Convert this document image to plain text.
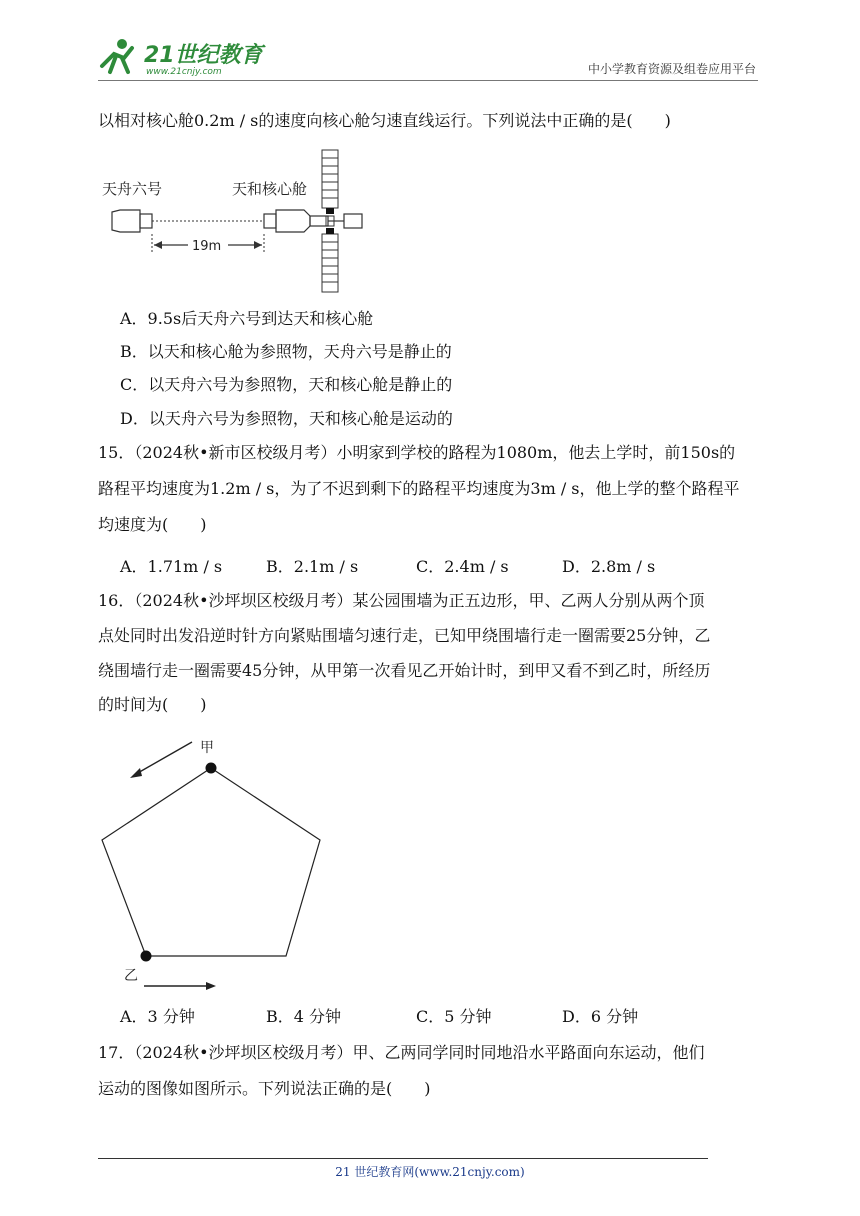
21世纪教育
www.21cnjy.com	中小学教育资源及组卷应用平台
以相对核心舱0.2m / s的速度向核心舱匀速直线运行。下列说法中正确的是(　　)
天舟六号	天和核心舱
19m
A．9.5s后天舟六号到达天和核心舱
B．以天和核心舱为参照物，天舟六号是静止的
C．以天舟六号为参照物，天和核心舱是静止的
D．以天舟六号为参照物，天和核心舱是运动的
15．（2024秋•新市区校级月考）小明家到学校的路程为1080m，他去上学时，前150s的
路程平均速度为1.2m / s，为了不迟到剩下的路程平均速度为3m / s，他上学的整个路程平
均速度为(　　)
A．1.71m / s	B．2.1m / s	C．2.4m / s	D．2.8m / s
16．（2024秋•沙坪坝区校级月考）某公园围墙为正五边形，甲、乙两人分别从两个顶
点处同时出发沿逆时针方向紧贴围墙匀速行走，已知甲绕围墙行走一圈需要25分钟，乙
绕围墙行走一圈需要45分钟，从甲第一次看见乙开始计时，到甲又看不到乙时，所经历
的时间为(　　)
甲
乙
A．3 分钟	B．4 分钟	C．5 分钟	D．6 分钟
17．（2024秋•沙坪坝区校级月考）甲、乙两同学同时同地沿水平路面向东运动，他们
运动的图像如图所示。下列说法正确的是(　　)
21 世纪教育网(www.21cnjy.com)
